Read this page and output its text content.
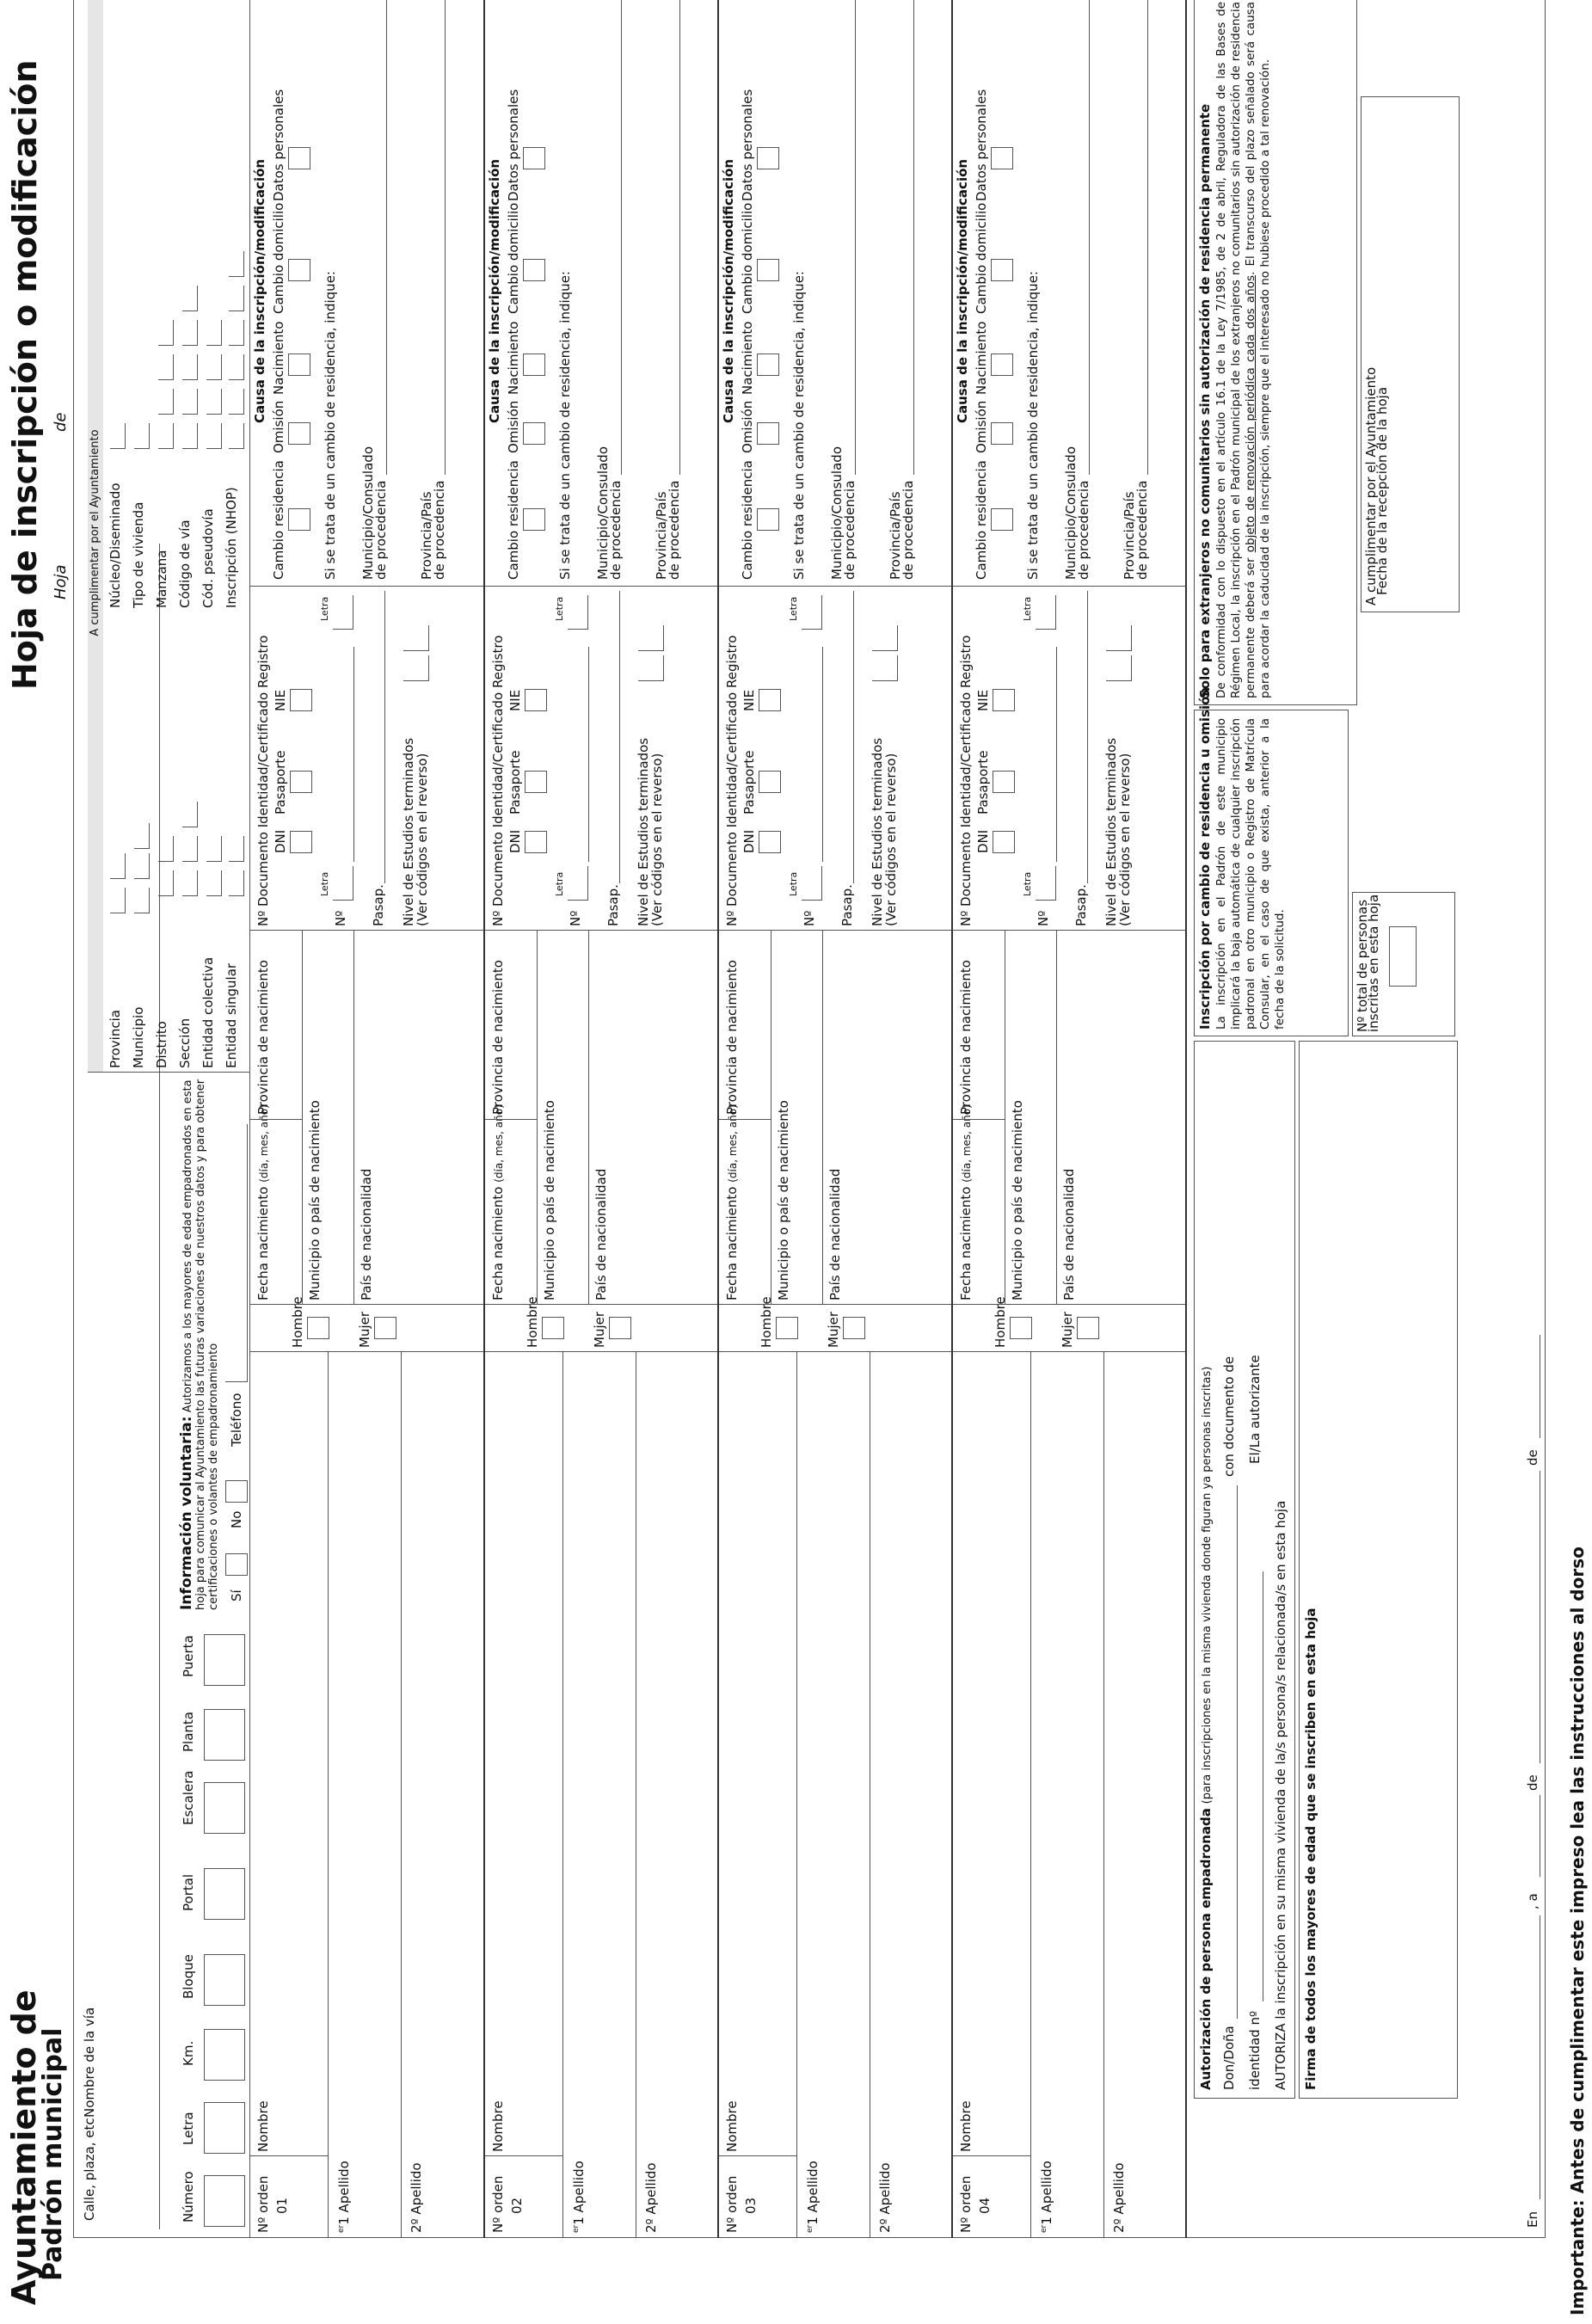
Ayuntamiento de
Padrón municipal
Hoja de inscripción o modificación Hoja
de
Importante: Antes de cumplimentar este impreso lea las instrucciones al dorso
Calle, plaza, etc
Nombre de la vía
Número
Letra
Km.
Bloque
Portal
Escalera
Planta
Puerta
Información voluntaria: Autorizamos a los mayores de edad empadronados en esta hoja para comunicar al Ayuntamiento las futuras variaciones de nuestros datos y para obtener certificaciones o volantes de empadronamiento Sí
No
Teléfono
A cumplimentar por el Ayuntamiento
Provincia Municipio Distrito Sección Entidad colectiva Entidad singular
Núcleo/Diseminado Tipo de vivienda Manzana Código de vía Cód. pseudovía Inscripción (NHOP)
Nº orden 01
Nombre
$^{er}$1 Apellido	2º Apellido
Hombre	Mujer
Fecha nacimiento (día, mes, año)
Provincia de nacimiento
Municipio o país de nacimiento	País de nacionalidad
Nº Documento Identidad/Certificado Registro DNI
Pasaporte
NIE
Letra
Nº
Letra
Pasap. Nivel de Estudios terminados
(Ver códigos en el reverso)
Causa de la inscripción/modificación
Cambio residencia
Omisión
Nacimiento
Cambio domicilio
Datos personales
Si se trata de un cambio de residencia, indique: Municipio/Consulado
de procedencia Provincia/País
de procedencia
Nº orden 02
Nombre
$^{er}$1 Apellido	2º Apellido
Hombre	Mujer
Fecha nacimiento (día, mes, año)
Provincia de nacimiento
Municipio o país de nacimiento	País de nacionalidad
Nº Documento Identidad/Certificado Registro DNI
Pasaporte
NIE
Letra
Nº
Letra
Pasap. Nivel de Estudios terminados
(Ver códigos en el reverso)
Causa de la inscripción/modificación
Cambio residencia
Omisión
Nacimiento
Cambio domicilio
Datos personales
Si se trata de un cambio de residencia, indique: Municipio/Consulado
de procedencia Provincia/País
de procedencia
Nº orden 03
Nombre
$^{er}$1 Apellido	2º Apellido
Hombre	Mujer
Fecha nacimiento (día, mes, año)
Provincia de nacimiento
Municipio o país de nacimiento	País de nacionalidad
Nº Documento Identidad/Certificado Registro DNI
Pasaporte
NIE
Letra
Nº
Letra
Pasap. Nivel de Estudios terminados
(Ver códigos en el reverso)
Causa de la inscripción/modificación
Cambio residencia
Omisión
Nacimiento
Cambio domicilio
Datos personales
Si se trata de un cambio de residencia, indique: Municipio/Consulado
de procedencia Provincia/País
de procedencia
Nº orden 04
Nombre
$^{er}$1 Apellido	2º Apellido
Hombre	Mujer
Fecha nacimiento (día, mes, año)
Provincia de nacimiento
Municipio o país de nacimiento	País de nacionalidad
Nº Documento Identidad/Certificado Registro DNI
Pasaporte
NIE
Letra
Nº
Letra
Pasap. Nivel de Estudios terminados
(Ver códigos en el reverso)
Causa de la inscripción/modificación
Cambio residencia
Omisión
Nacimiento
Cambio domicilio
Datos personales
Si se trata de un cambio de residencia, indique: Municipio/Consulado
de procedencia Provincia/País
de procedencia
Autorización de persona empadronada (para inscripciones en la misma vivienda donde figuran ya personas inscritas)
Don/Doña
con documento de
identidad nº
El/La autorizante
AUTORIZA la inscripción en su misma vivienda de la/s persona/s relacionada/s en esta hoja Firma de todos los mayores de edad que se inscriben en esta hoja
Inscripción por cambio de residencia u omisión La inscripción en el Padrón de este municipio implicará la baja automática de cualquier inscripción padronal en otro municipio o Registro de Matrícula Consular, en el caso de que exista, anterior a la fecha de la solicitud.	Nº total de personas
inscritas en esta hoja
Solo para extranjeros no comunitarios sin autorización de residencia permanente De conformidad con lo dispuesto en el artículo 16.1 de la Ley 7/1985, de 2 de abril, Reguladora de las Bases de Régimen Local, la inscripción en el Padrón municipal de los extranjeros no comunitarios sin autorización de residencia permanente deberá ser objeto de renovación periódica cada dos años. El transcurso del plazo señalado será causa para acordar la caducidad de la inscripción, siempre que el interesado no hubiese procedido a tal renovación.	A cumplimentar por el Ayuntamiento
Fecha de la recepción de la hoja
En
, a
de
de
